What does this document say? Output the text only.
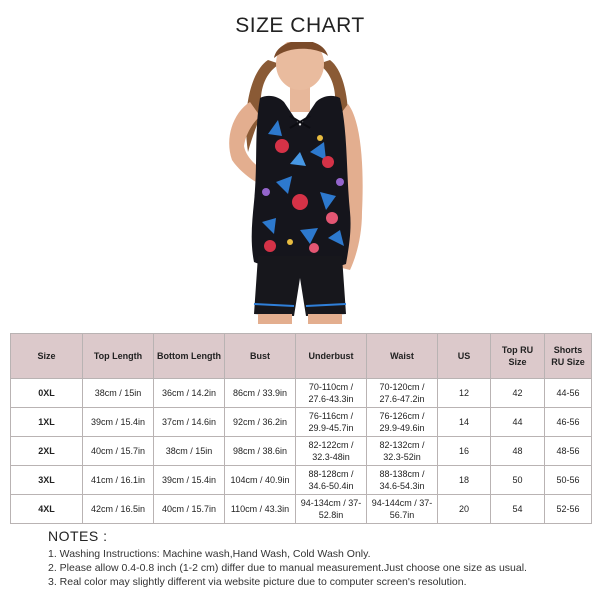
SIZE CHART
Size	Top Length	Bottom Length	Bust	Underbust	Waist	US	Top RU Size	Shorts RU Size
0XL	38cm / 15in	36cm / 14.2in	86cm / 33.9in	70-110cm / 27.6-43.3in	70-120cm / 27.6-47.2in	12	42	44-56
1XL	39cm / 15.4in	37cm / 14.6in	92cm / 36.2in	76-116cm / 29.9-45.7in	76-126cm / 29.9-49.6in	14	44	46-56
2XL	40cm / 15.7in	38cm / 15in	98cm / 38.6in	82-122cm / 32.3-48in	82-132cm / 32.3-52in	16	48	48-56
3XL	41cm / 16.1in	39cm / 15.4in	104cm / 40.9in	88-128cm / 34.6-50.4in	88-138cm / 34.6-54.3in	18	50	50-56
4XL	42cm / 16.5in	40cm / 15.7in	110cm / 43.3in	94-134cm / 37-52.8in	94-144cm / 37-56.7in	20	54	52-56
NOTES :
1. Washing Instructions: Machine wash,Hand Wash, Cold Wash Only.
2. Please allow 0.4-0.8 inch (1-2 cm) differ due to manual measurement.Just choose one size as usual.
3. Real color may slightly different via website picture due to computer screen's resolution.
